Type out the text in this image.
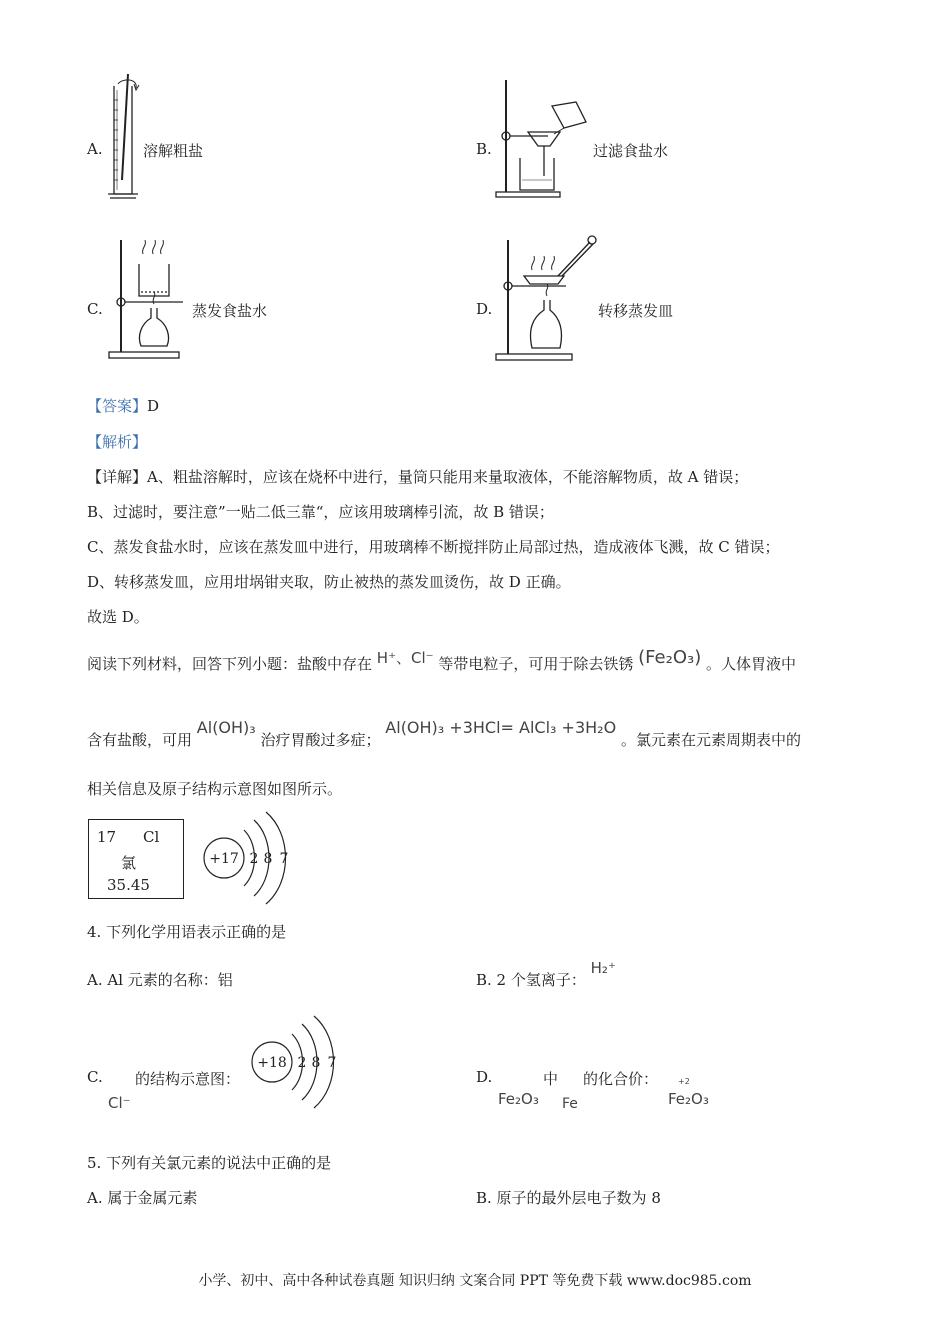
A.	溶解粗盐	B.	过滤食盐水
C.	蒸发食盐水	D.	转移蒸发皿
【答案】D
【解析】
【详解】A、粗盐溶解时，应该在烧杯中进行，量筒只能用来量取液体，不能溶解物质，故 A 错误；
B、过滤时，要注意”一贴二低三靠“，应该用玻璃棒引流，故 B 错误；
C、蒸发食盐水时，应该在蒸发皿中进行，用玻璃棒不断搅拌防止局部过热，造成液体飞溅，故 C 错误；
D、转移蒸发皿，应用坩埚钳夹取，防止被热的蒸发皿烫伤，故 D 正确。
故选 D。
阅读下列材料，回答下列小题：盐酸中存在 H⁺、Cl⁻ 等带电粒子，可用于除去铁锈 (Fe₂O₃) 。人体胃液中
含有盐酸，可用 Al(OH)₃ 治疗胃酸过多症； Al(OH)₃ +3HCl= AlCl₃ +3H₂O 。氯元素在元素周期表中的
相关信息及原子结构示意图如图所示。
17 Cl
氯
35.45
+17 2 8 7
4. 下列化学用语表示正确的是
A. Al 元素的名称：铝	B. 2 个氢离子： H₂⁺
C. 的结构示意图：
Cl⁻
+18 2 8 7
D.	中 的化合价：
Fe₂O₃ Fe
+2
Fe₂O₃
5. 下列有关氯元素的说法中正确的是
A. 属于金属元素	B. 原子的最外层电子数为 8
小学、初中、高中各种试卷真题 知识归纳 文案合同 PPT 等免费下载 www.doc985.com
